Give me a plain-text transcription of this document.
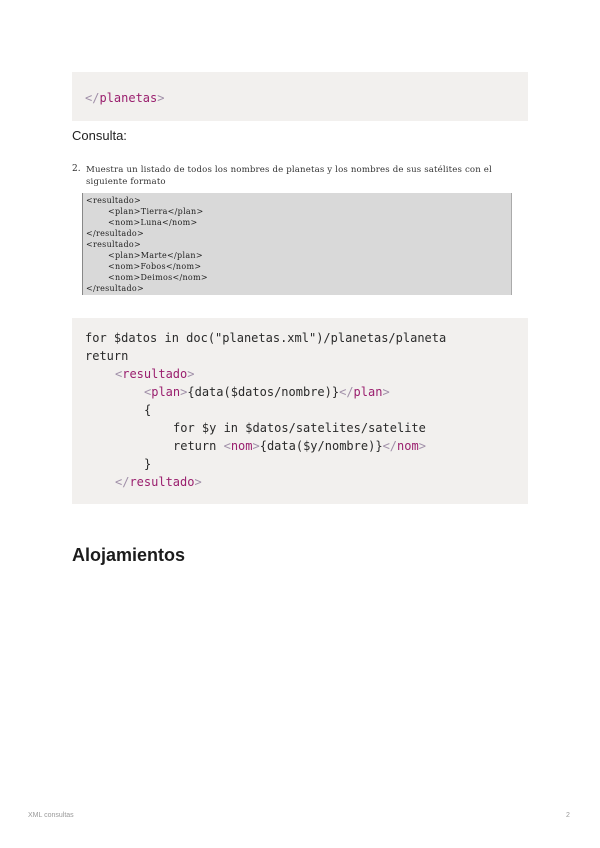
</planetas>
Consulta:
2. Muestra un listado de todos los nombres de planetas y los nombres de sus satélites con el siguiente formato
<resultado>
<plan>Tierra</plan>
<nom>Luna</nom>
</resultado>
<resultado>
<plan>Marte</plan>
<nom>Fobos</nom>
<nom>Deimos</nom>
</resultado>
for $datos in doc("planetas.xml")/planetas/planeta
return
<resultado>
<plan>{data($datos/nombre)}</plan>
{
for $y in $datos/satelites/satelite
return <nom>{data($y/nombre)}</nom>
}
</resultado>
Alojamientos
XML consultas	2
